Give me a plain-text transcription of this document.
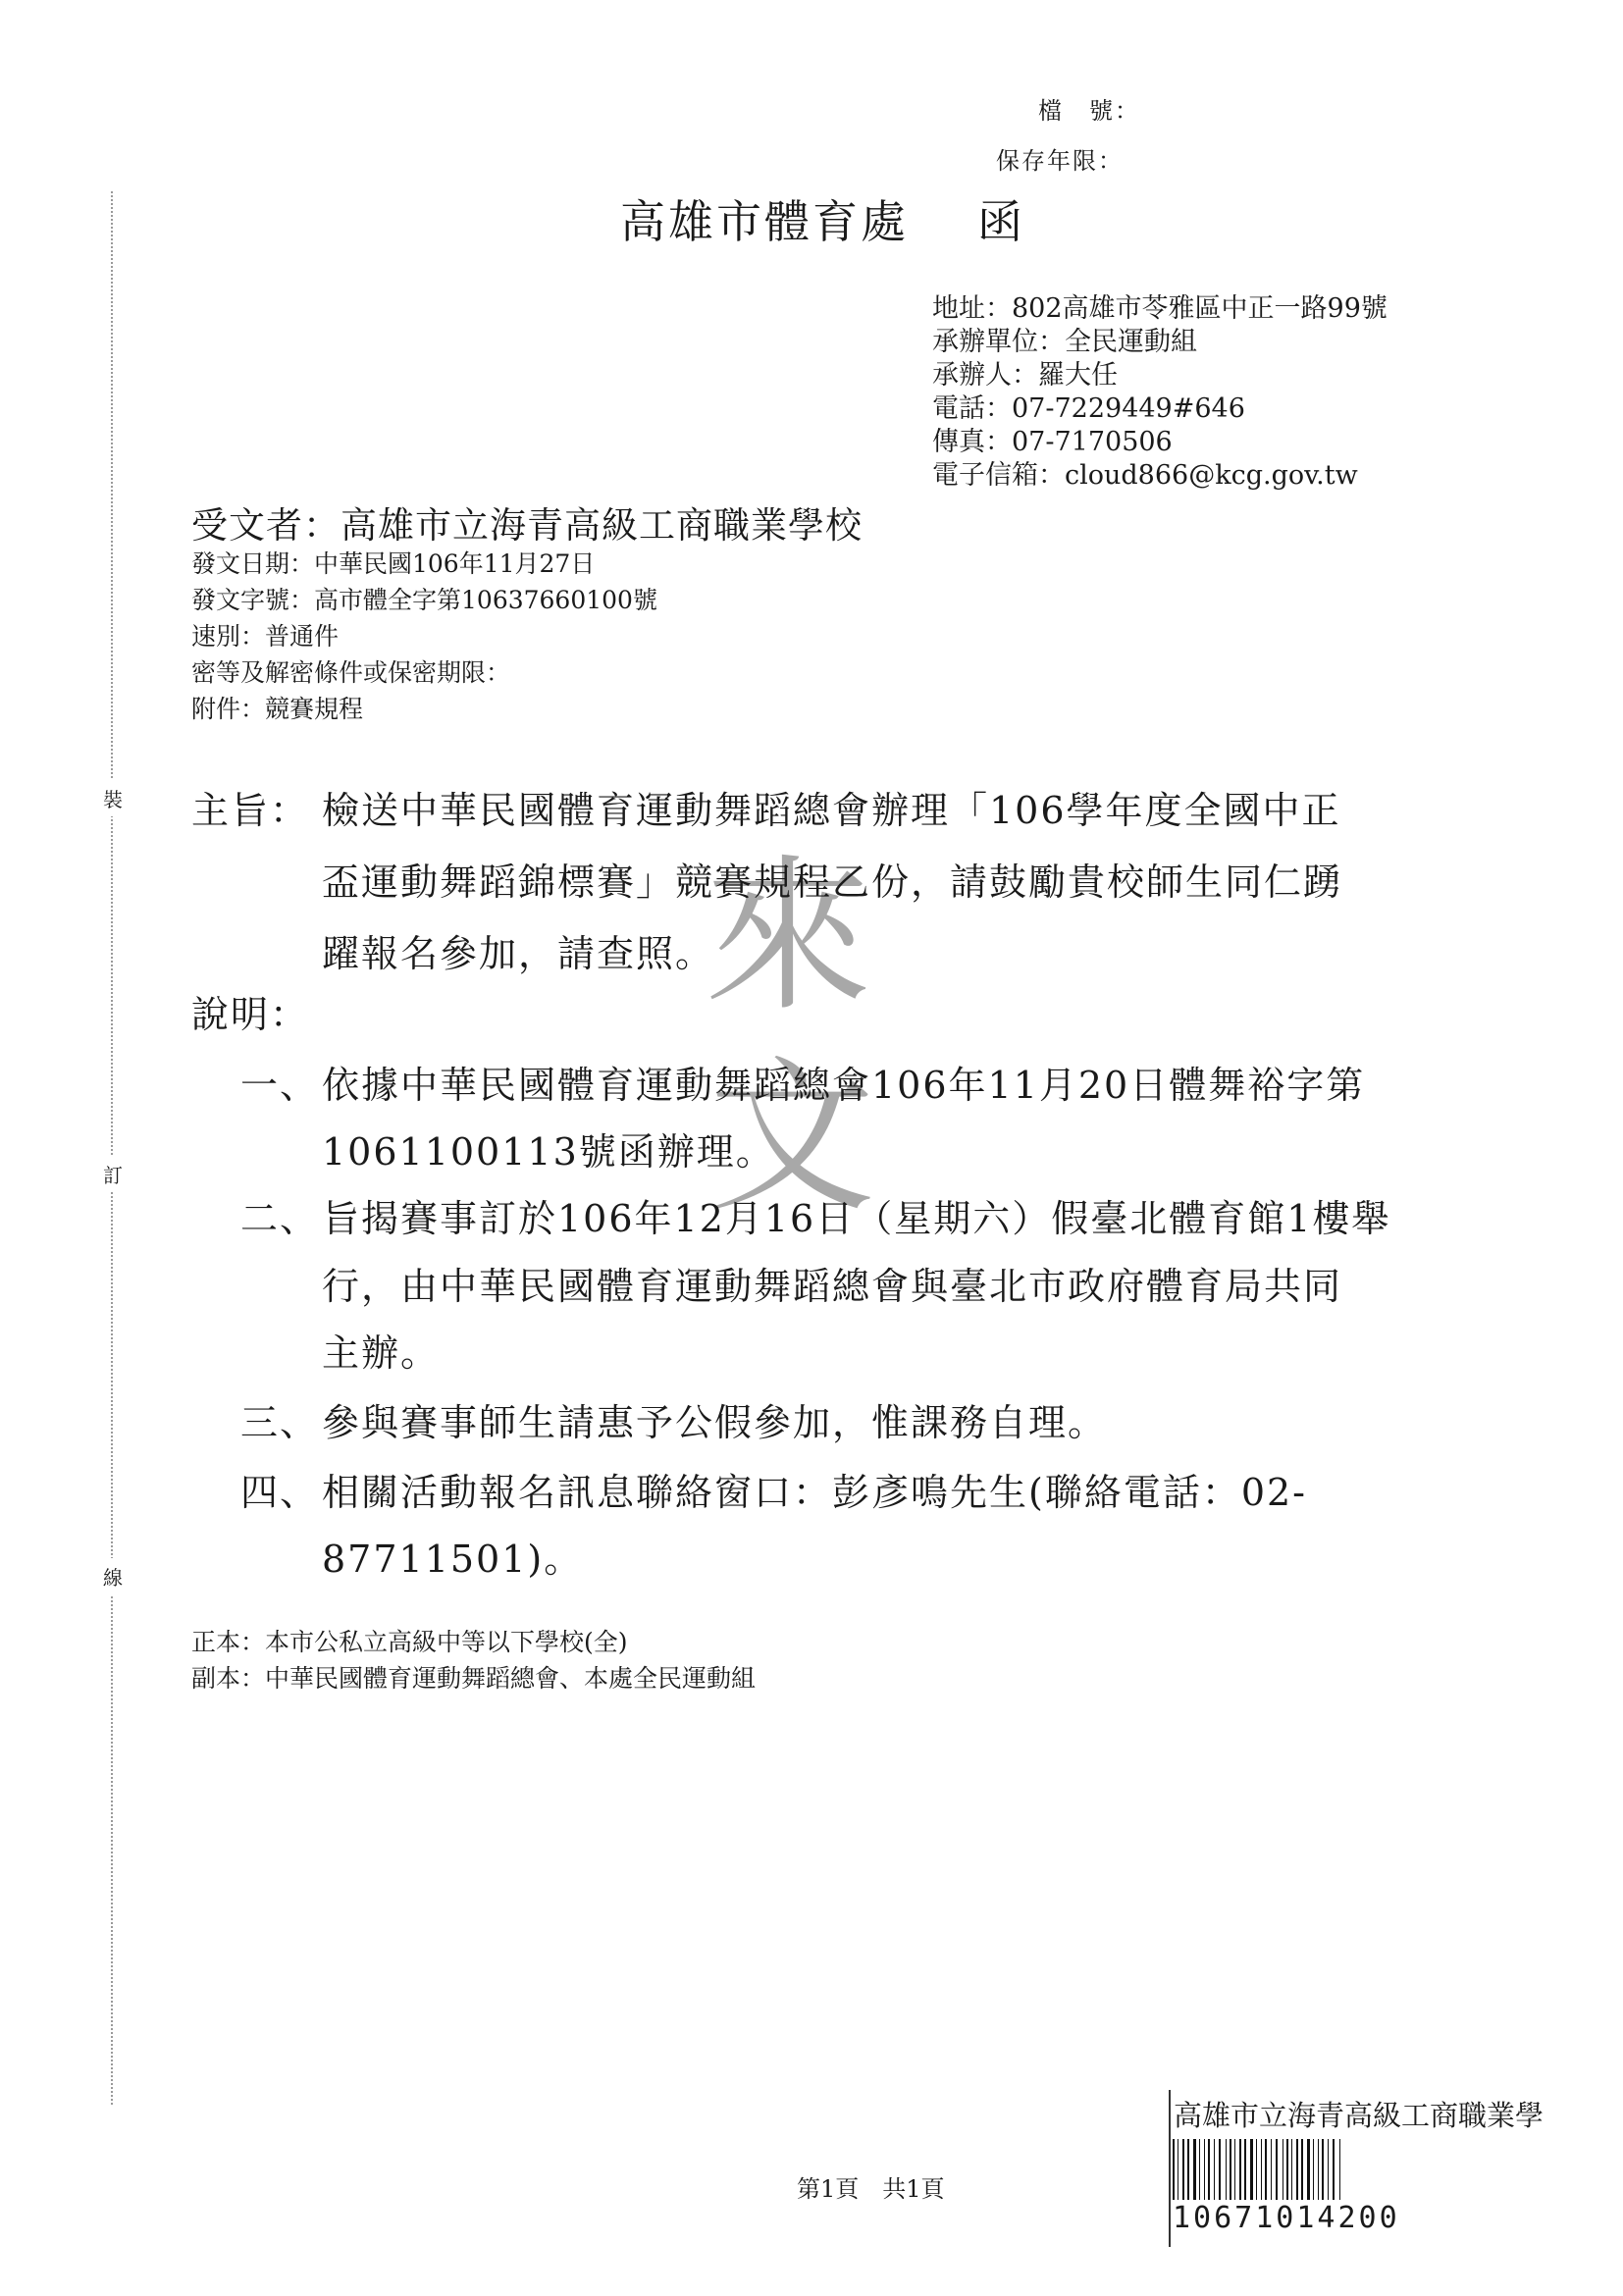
裝
訂
線
檔　號：
保存年限：
高雄市體育處 函
地址：802高雄市苓雅區中正一路99號
承辦單位：全民運動組
承辦人：羅大任
電話：07-7229449#646
傳真：07-7170506
電子信箱：cloud866@kcg.gov.tw
受文者：高雄市立海青高級工商職業學校
發文日期：中華民國106年11月27日
發文字號：高市體全字第10637660100號
速別：普通件
密等及解密條件或保密期限：
附件：競賽規程
來
文
主旨： 檢送中華民國體育運動舞蹈總會辦理「106學年度全國中正
盃運動舞蹈錦標賽」競賽規程乙份，請鼓勵貴校師生同仁踴
躍報名參加，請查照。
說明：
一、 依據中華民國體育運動舞蹈總會106年11月20日體舞裕字第
1061100113號函辦理。
二、 旨揭賽事訂於106年12月16日（星期六）假臺北體育館1樓舉
行，由中華民國體育運動舞蹈總會與臺北市政府體育局共同
主辦。
三、 參與賽事師生請惠予公假參加，惟課務自理。
四、 相關活動報名訊息聯絡窗口：彭彥鳴先生(聯絡電話：02-
87711501)。
正本：本市公私立高級中等以下學校(全)
副本：中華民國體育運動舞蹈總會、本處全民運動組
第1頁　共1頁
高雄市立海青高級工商職業學
10671014200
